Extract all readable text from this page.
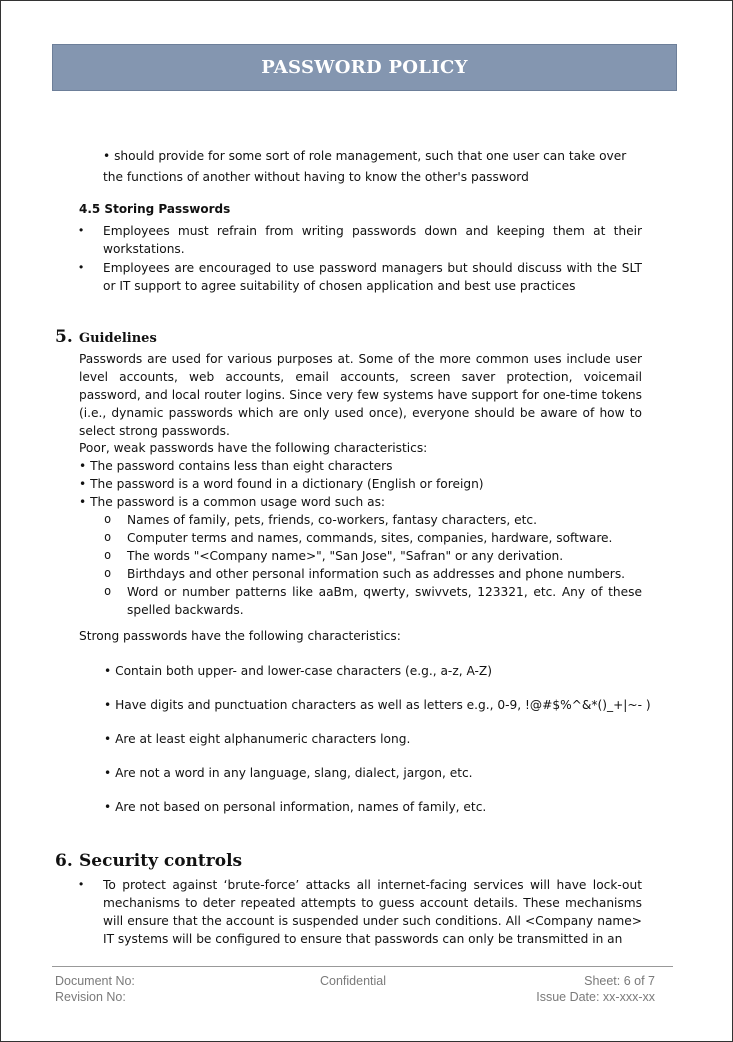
PASSWORD POLICY
• should provide for some sort of role management, such that one user can take over the functions of another without having to know the other's password
4.5 Storing Passwords
• Employees must refrain from writing passwords down and keeping them at their workstations.
• Employees are encouraged to use password managers but should discuss with the SLT or IT support to agree suitability of chosen application and best use practices
5. Guidelines
Passwords are used for various purposes at. Some of the more common uses include user level accounts, web accounts, email accounts, screen saver protection, voicemail password, and local router logins. Since very few systems have support for one-time tokens (i.e., dynamic passwords which are only used once), everyone should be aware of how to select strong passwords.
Poor, weak passwords have the following characteristics:
• The password contains less than eight characters
• The password is a word found in a dictionary (English or foreign)
• The password is a common usage word such as:
o Names of family, pets, friends, co-workers, fantasy characters, etc.
o Computer terms and names, commands, sites, companies, hardware, software.
o The words "<Company name>", "San Jose", "Safran" or any derivation.
o Birthdays and other personal information such as addresses and phone numbers.
o Word or number patterns like aaBm, qwerty, swivvets, 123321, etc. Any of these spelled backwards.
Strong passwords have the following characteristics:
• Contain both upper- and lower-case characters (e.g., a-z, A-Z)
• Have digits and punctuation characters as well as letters e.g., 0-9, !@#$%^&*()_+|~- )
• Are at least eight alphanumeric characters long.
• Are not a word in any language, slang, dialect, jargon, etc.
• Are not based on personal information, names of family, etc.
6. Security controls
• To protect against ‘brute-force’ attacks all internet-facing services will have lock-out mechanisms to deter repeated attempts to guess account details. These mechanisms will ensure that the account is suspended under such conditions. All <Company name> IT systems will be configured to ensure that passwords can only be transmitted in an
Document No:
Revision No:
Confidential	Sheet: 6 of 7
Issue Date: xx-xxx-xx
